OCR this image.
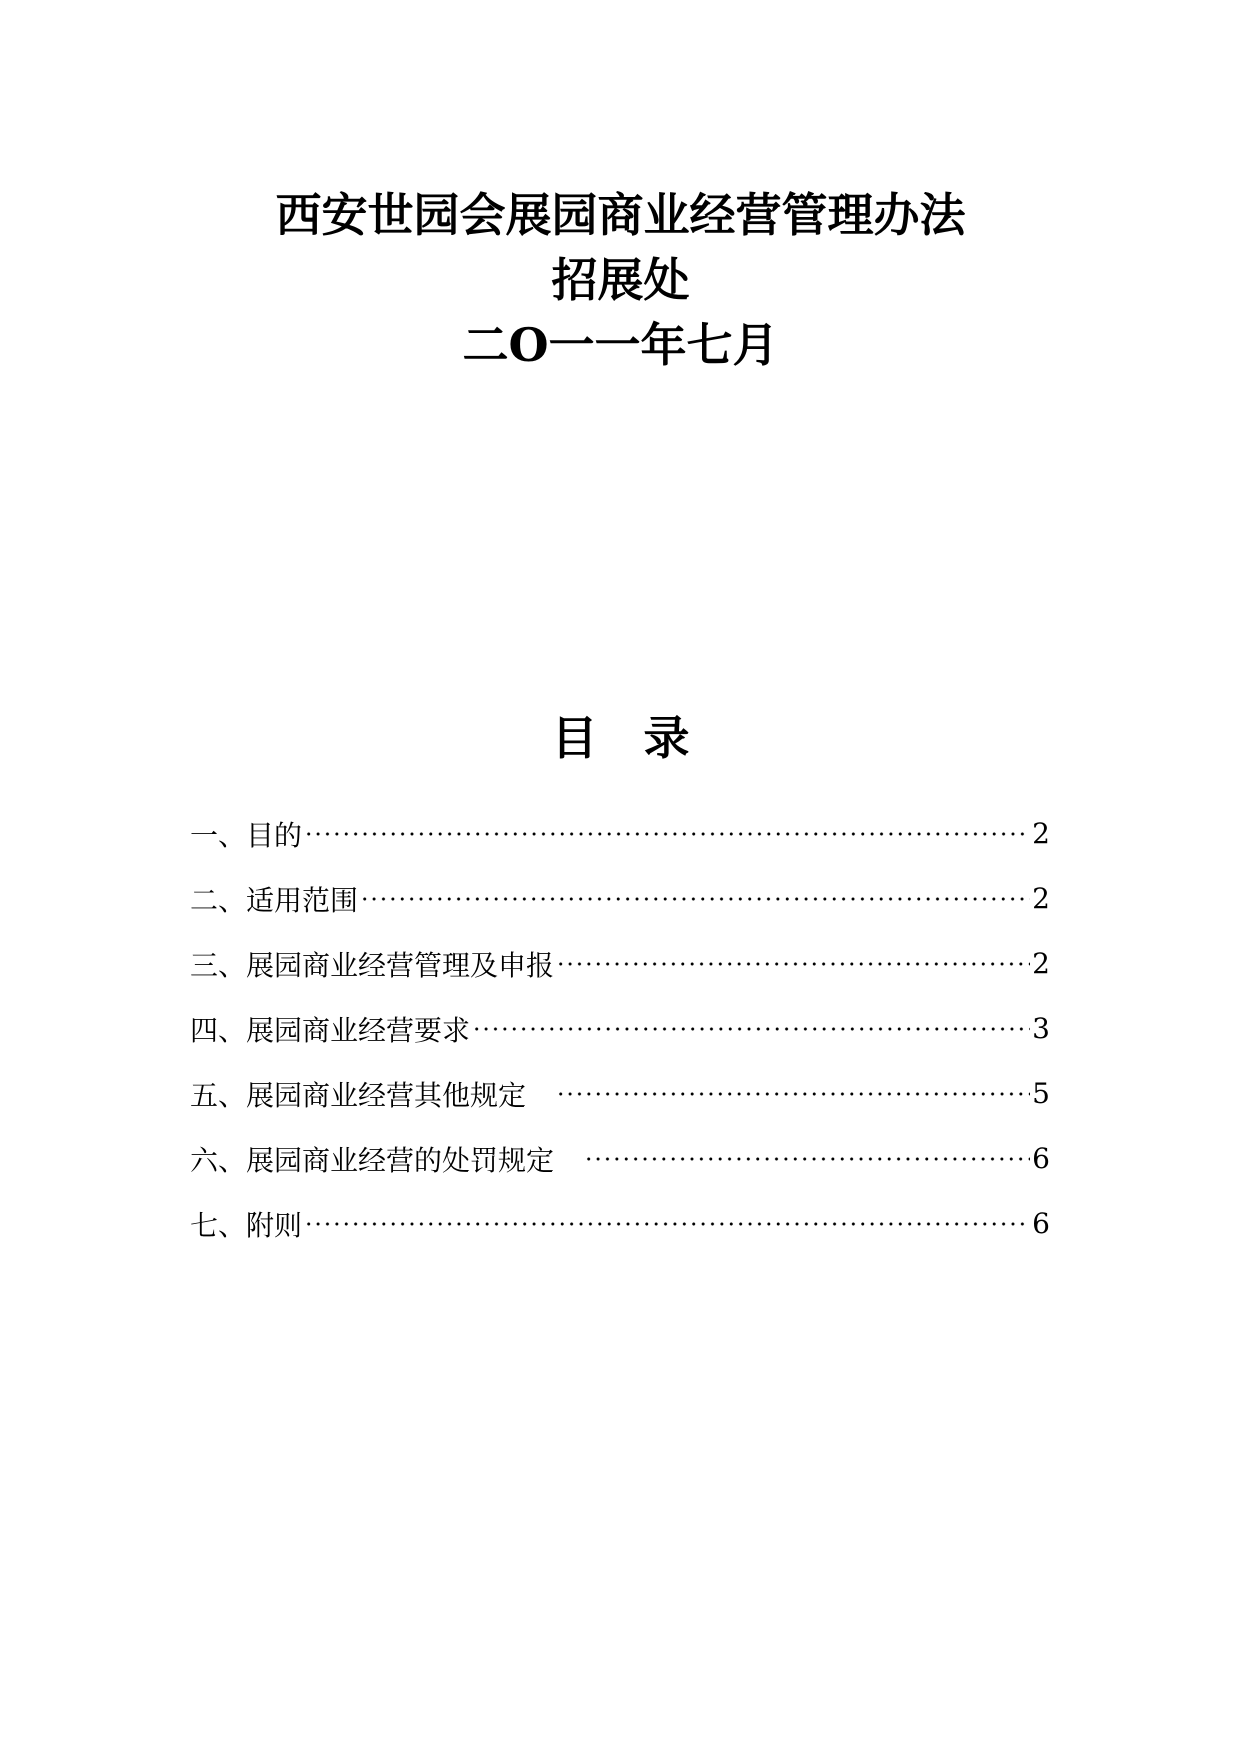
西安世园会展园商业经营管理办法
招展处
二O一一年七月
目　录
一、目的	2
二、适用范围	2
三、展园商业经营管理及申报	2
四、展园商业经营要求	3
五、展园商业经营其他规定	5
六、展园商业经营的处罚规定	6
七、附则	6
